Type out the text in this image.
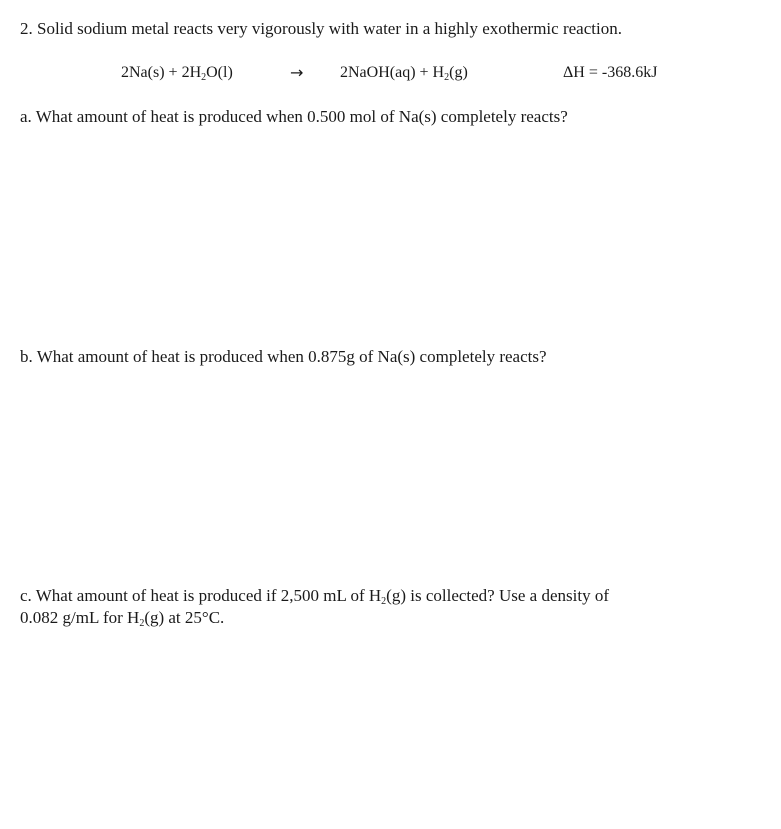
2. Solid sodium metal reacts very vigorously with water in a highly exothermic reaction.
$2Na(s) + 2H_2O(l)$	→ 2NaOH(aq) + $H_2(g)$	ΔH = -368.6kJ
a. What amount of heat is produced when 0.500 mol of Na(s) completely reacts?
b. What amount of heat is produced when 0.875g of Na(s) completely reacts?
c. What amount of heat is produced if 2,500 mL of $H_2(g)$ is collected? Use a density of
0.082 g/mL for $H_2(g)$ at 25°C.
